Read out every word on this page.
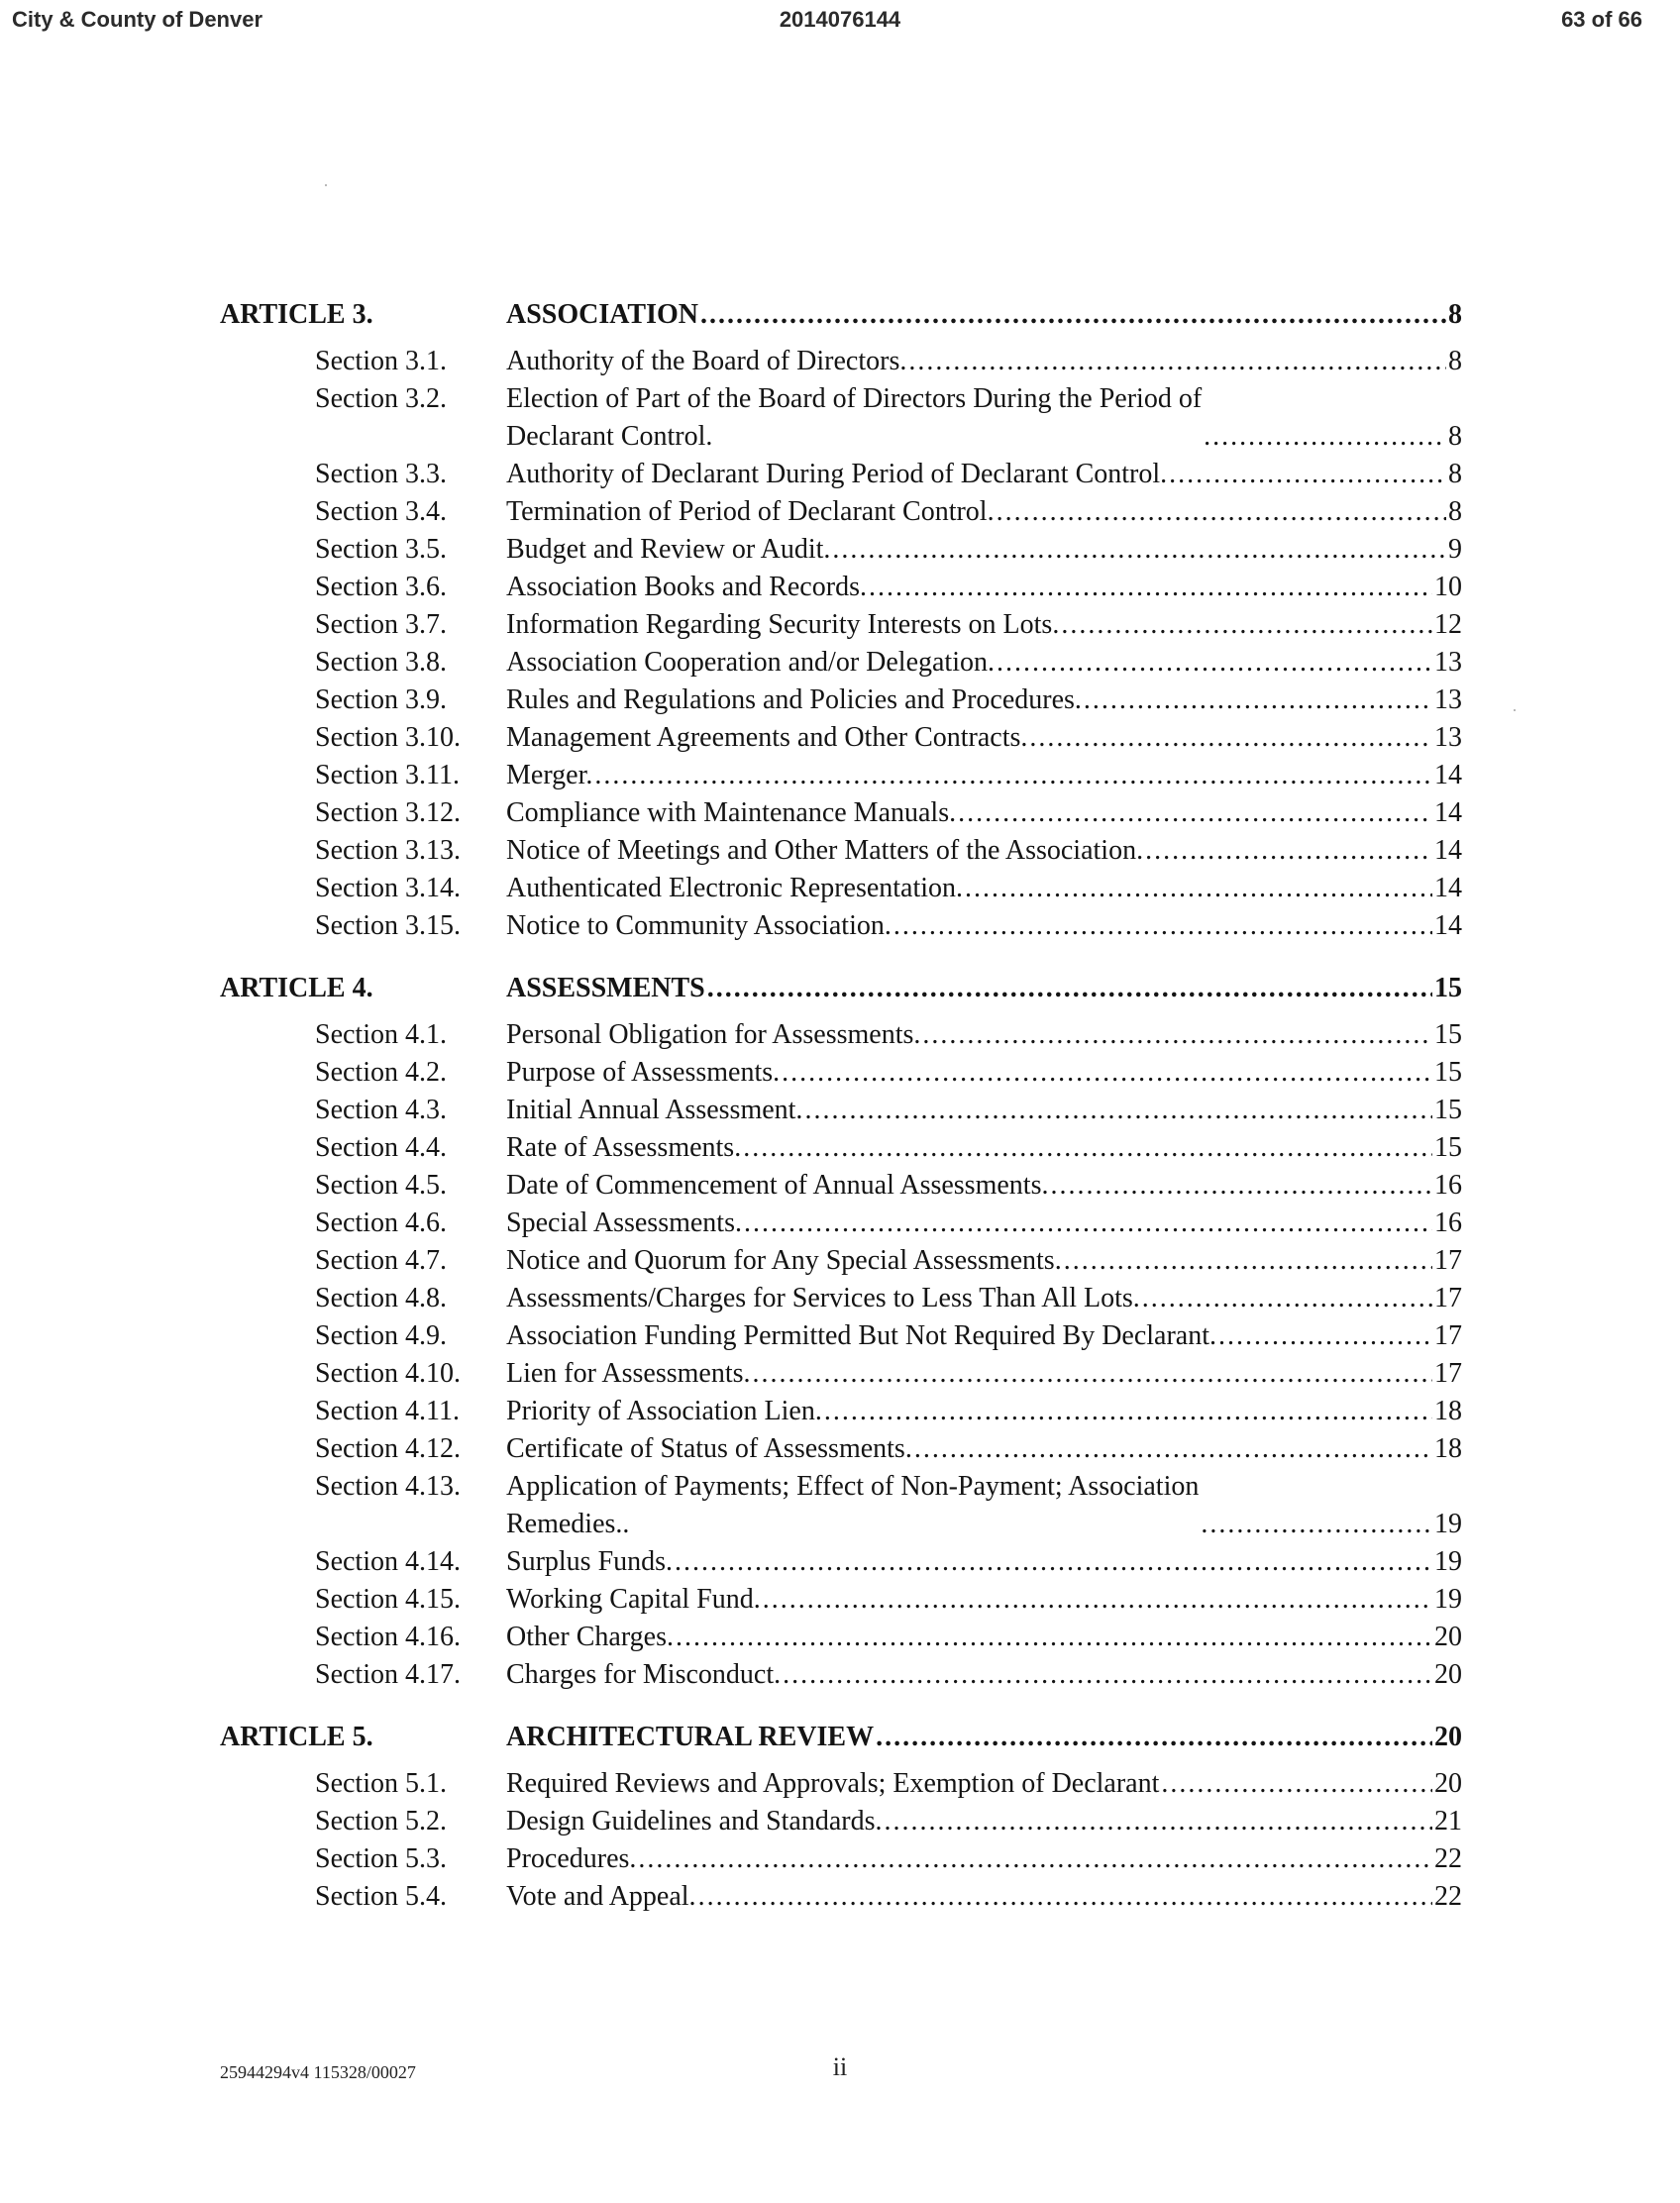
City & County of Denver	2014076144	63 of 66
ARTICLE 3.	ASSOCIATION .....	8
Section 3.1.	Authority of the Board of Directors. .....	8
Section 3.2.	Election of Part of the Board of Directors During the Period of
Declarant Control. .....	8
Section 3.3.	Authority of Declarant During Period of Declarant Control. .....	8
Section 3.4.	Termination of Period of Declarant Control. .....	8
Section 3.5.	Budget and Review or Audit. .....	9
Section 3.6.	Association Books and Records. .....	10
Section 3.7.	Information Regarding Security Interests on Lots. .....	12
Section 3.8.	Association Cooperation and/or Delegation. .....	13
Section 3.9.	Rules and Regulations and Policies and Procedures. .....	13
Section 3.10.	Management Agreements and Other Contracts. .....	13
Section 3.11.	Merger. .....	14
Section 3.12.	Compliance with Maintenance Manuals. .....	14
Section 3.13.	Notice of Meetings and Other Matters of the Association. .....	14
Section 3.14.	Authenticated Electronic Representation. .....	14
Section 3.15.	Notice to Community Association. .....	14
ARTICLE 4.	ASSESSMENTS .....	15
Section 4.1.	Personal Obligation for Assessments. .....	15
Section 4.2.	Purpose of Assessments. .....	15
Section 4.3.	Initial Annual Assessment. .....	15
Section 4.4.	Rate of Assessments. .....	15
Section 4.5.	Date of Commencement of Annual Assessments. .....	16
Section 4.6.	Special Assessments. .....	16
Section 4.7.	Notice and Quorum for Any Special Assessments. .....	17
Section 4.8.	Assessments/Charges for Services to Less Than All Lots. .....	17
Section 4.9.	Association Funding Permitted But Not Required By Declarant. .....	17
Section 4.10.	Lien for Assessments. .....	17
Section 4.11.	Priority of Association Lien. .....	18
Section 4.12.	Certificate of Status of Assessments. .....	18
Section 4.13.	Application of Payments; Effect of Non-Payment; Association
Remedies.. .....	19
Section 4.14.	Surplus Funds. .....	19
Section 4.15.	Working Capital Fund. .....	19
Section 4.16.	Other Charges. .....	20
Section 4.17.	Charges for Misconduct. .....	20
ARTICLE 5.	ARCHITECTURAL REVIEW .....	20
Section 5.1.	Required Reviews and Approvals; Exemption of Declarant .....	20
Section 5.2.	Design Guidelines and Standards. .....	21
Section 5.3.	Procedures. .....	22
Section 5.4.	Vote and Appeal. .....	22
25944294v4 115328/00027	ii
